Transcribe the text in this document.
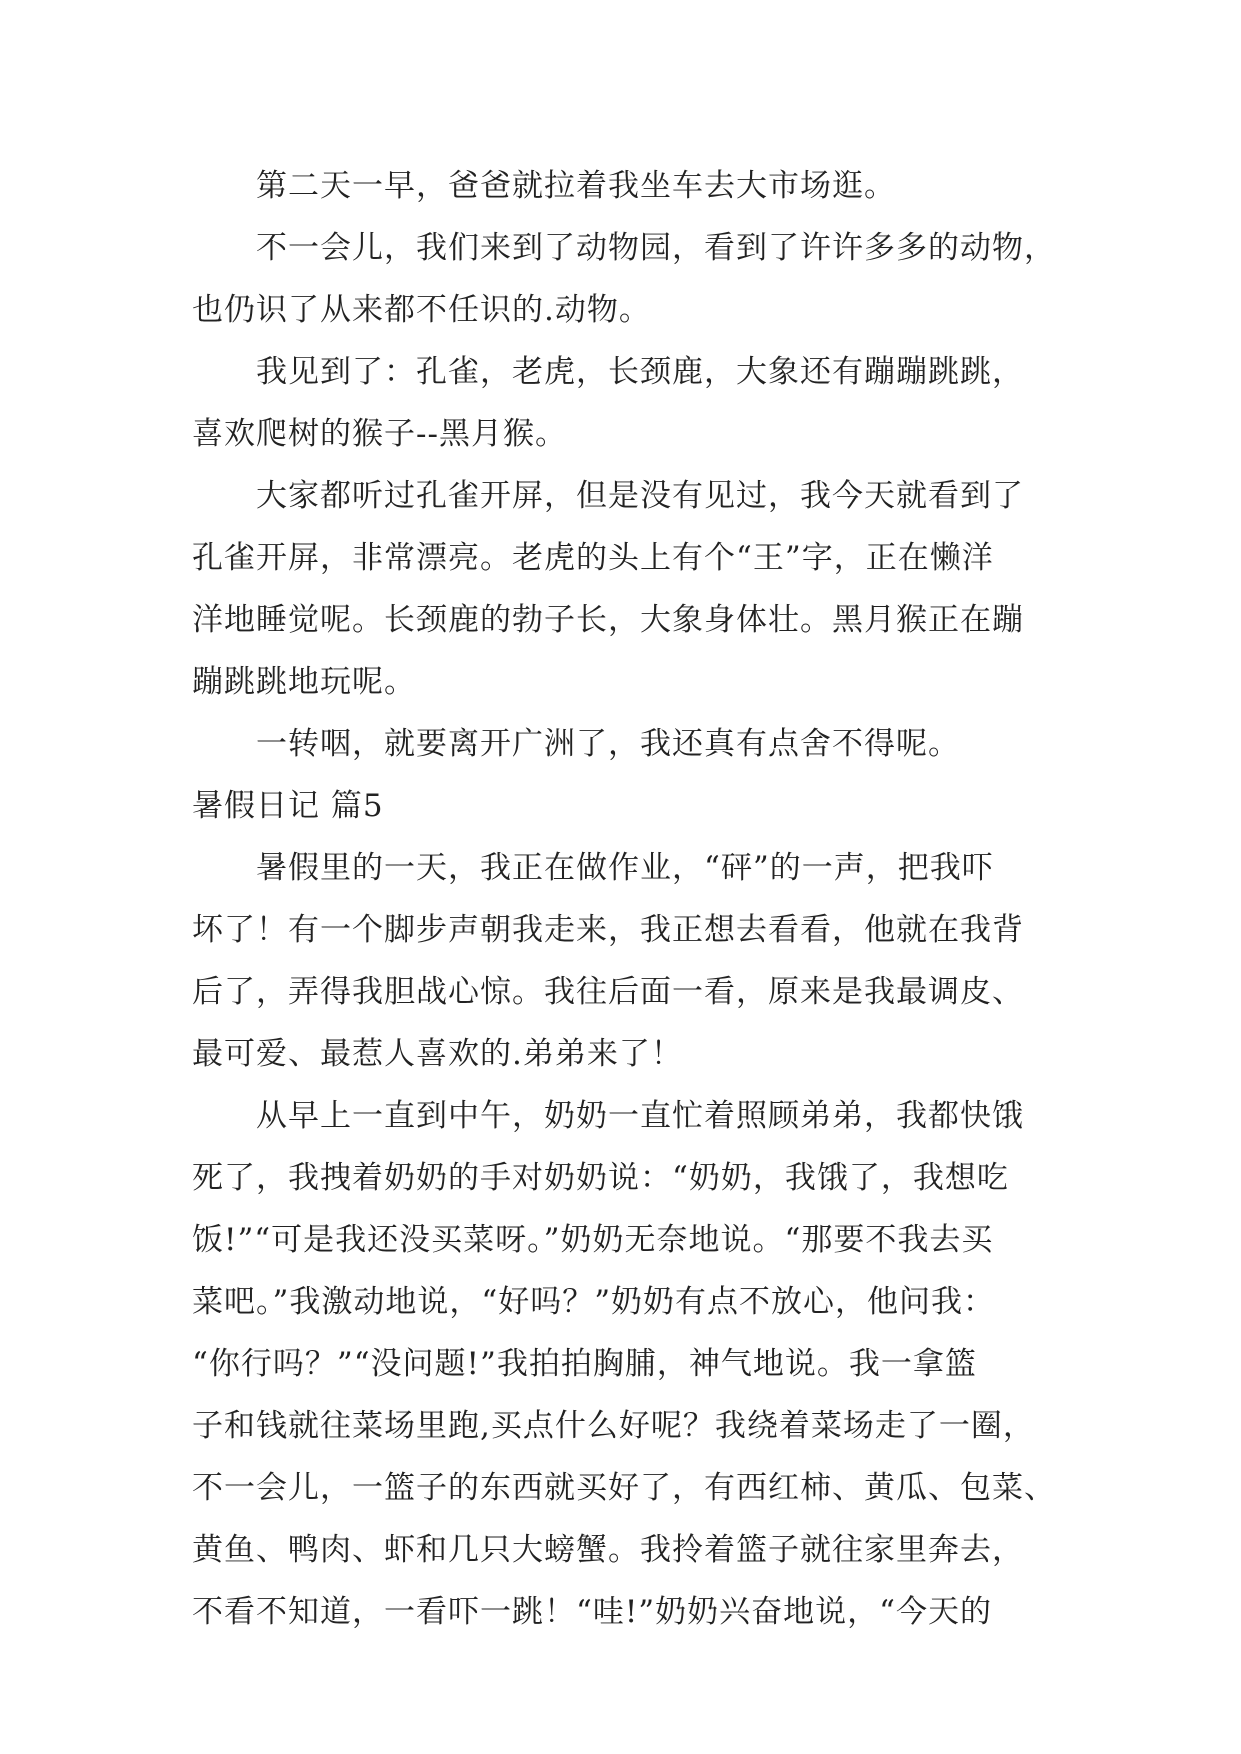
第二天一早，爸爸就拉着我坐车去大市场逛。
不一会儿，我们来到了动物园，看到了许许多多的动物，
也仍识了从来都不任识的.动物。
我见到了：孔雀，老虎，长颈鹿，大象还有蹦蹦跳跳，
喜欢爬树的猴子--黑月猴。
大家都听过孔雀开屏，但是没有见过，我今天就看到了
孔雀开屏，非常漂亮。老虎的头上有个“王”字，正在懒洋
洋地睡觉呢。长颈鹿的勃子长，大象身体壮。黑月猴正在蹦
蹦跳跳地玩呢。
一转咽，就要离开广洲了，我还真有点舍不得呢。
暑假日记 篇5
暑假里的一天，我正在做作业，“砰”的一声，把我吓
坏了！有一个脚步声朝我走来，我正想去看看，他就在我背
后了，弄得我胆战心惊。我往后面一看，原来是我最调皮、
最可爱、最惹人喜欢的.弟弟来了！
从早上一直到中午，奶奶一直忙着照顾弟弟，我都快饿
死了，我拽着奶奶的手对奶奶说：“奶奶，我饿了，我想吃
饭!”“可是我还没买菜呀。”奶奶无奈地说。“那要不我去买
菜吧。”我激动地说，“好吗？”奶奶有点不放心，他问我：
“你行吗？”“没问题!”我拍拍胸脯，神气地说。我一拿篮
子和钱就往菜场里跑,买点什么好呢？我绕着菜场走了一圈，
不一会儿，一篮子的东西就买好了，有西红柿、黄瓜、包菜、
黄鱼、鸭肉、虾和几只大螃蟹。我拎着篮子就往家里奔去，
不看不知道，一看吓一跳！“哇!”奶奶兴奋地说，“今天的
